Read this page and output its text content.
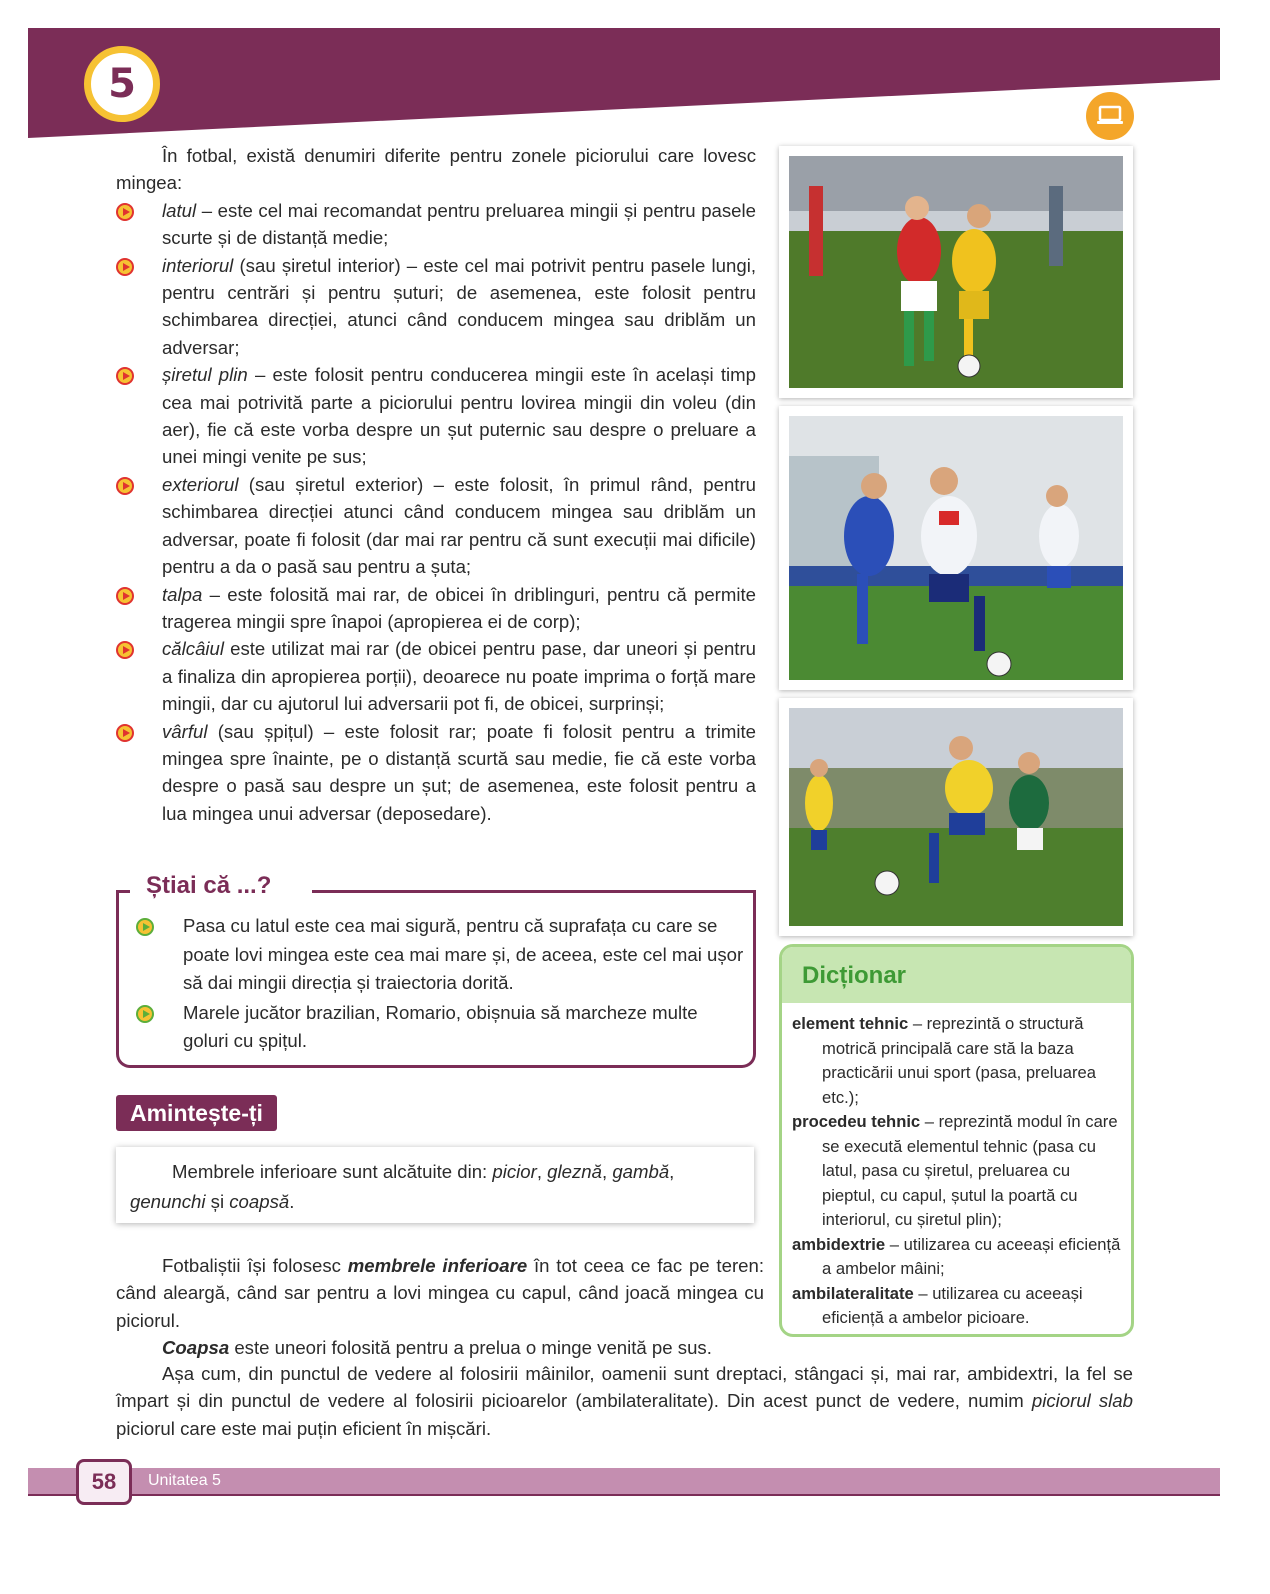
5

În fotbal, există denumiri diferite pentru zonele piciorului care lovesc mingea:

latul – este cel mai recomandat pentru preluarea mingii și pentru pasele scurte și de distanță medie;
interiorul (sau șiretul interior) – este cel mai potrivit pentru pasele lungi, pentru centrări și pentru șuturi; de asemenea, este folosit pentru schimbarea direcției, atunci când conducem mingea sau driblăm un adversar;
șiretul plin – este folosit pentru conducerea mingii este în același timp cea mai potrivită parte a piciorului pentru lovirea mingii din voleu (din aer), fie că este vorba despre un șut puternic sau despre o preluare a unei mingi venite pe sus;
exteriorul (sau șiretul exterior) – este folosit, în primul rând, pentru schimbarea direcției atunci când conducem mingea sau driblăm un adversar, poate fi folosit (dar mai rar pentru că sunt execuții mai dificile) pentru a da o pasă sau pentru a șuta;
talpa – este folosită mai rar, de obicei în driblinguri, pentru că permite tragerea mingii spre înapoi (apropierea ei de corp);
călcâiul este utilizat mai rar (de obicei pentru pase, dar uneori și pentru a finaliza din apropierea porții), deoarece nu poate imprima o forță mare mingii, dar cu ajutorul lui adversarii pot fi, de obicei, surprinși;
vârful (sau șpițul) – este folosit rar; poate fi folosit pentru a trimite mingea spre înainte, pe o distanță scurtă sau medie, fie că este vorba despre o pasă sau despre un șut; de asemenea, este folosit pentru a lua mingea unui adversar (deposedare).
Știai că ...?
Pasa cu latul este cea mai sigură, pentru că suprafața cu care se poate lovi mingea este cea mai mare și, de aceea, este cel mai ușor să dai mingii direcția și traiectoria dorită.
Marele jucător brazilian, Romario, obișnuia să marcheze multe goluri cu șpițul.
Amintește-ți
Membrele inferioare sunt alcătuite din: picior, gleznă, gambă, genunchi și coapsă.

Fotbaliștii își folosesc membrele inferioare în tot ceea ce fac pe teren: când aleargă, când sar pentru a lovi mingea cu capul, când joacă mingea cu piciorul.

Coapsa este uneori folosită pentru a prelua o minge venită pe sus.

Așa cum, din punctul de vedere al folosirii mâinilor, oamenii sunt dreptaci, stângaci și, mai rar, ambidextri, la fel se împart și din punctul de vedere al folosirii picioarelor (ambilateralitate). Din acest punct de vedere, numim piciorul slab piciorul care este mai puțin eficient în mișcări.

Dicționar

element tehnic – reprezintă o structură motrică principală care stă la baza practicării unui sport (pasa, preluarea etc.);

procedeu tehnic – reprezintă modul în care se execută elementul tehnic (pasa cu latul, pasa cu șiretul, preluarea cu pieptul, cu capul, șutul la poartă cu interiorul, cu șiretul plin);

ambidextrie – utilizarea cu aceeași eficiență a ambelor mâini;

ambilateralitate – utilizarea cu aceeași eficiență a ambelor picioare.

58	Unitatea 5
